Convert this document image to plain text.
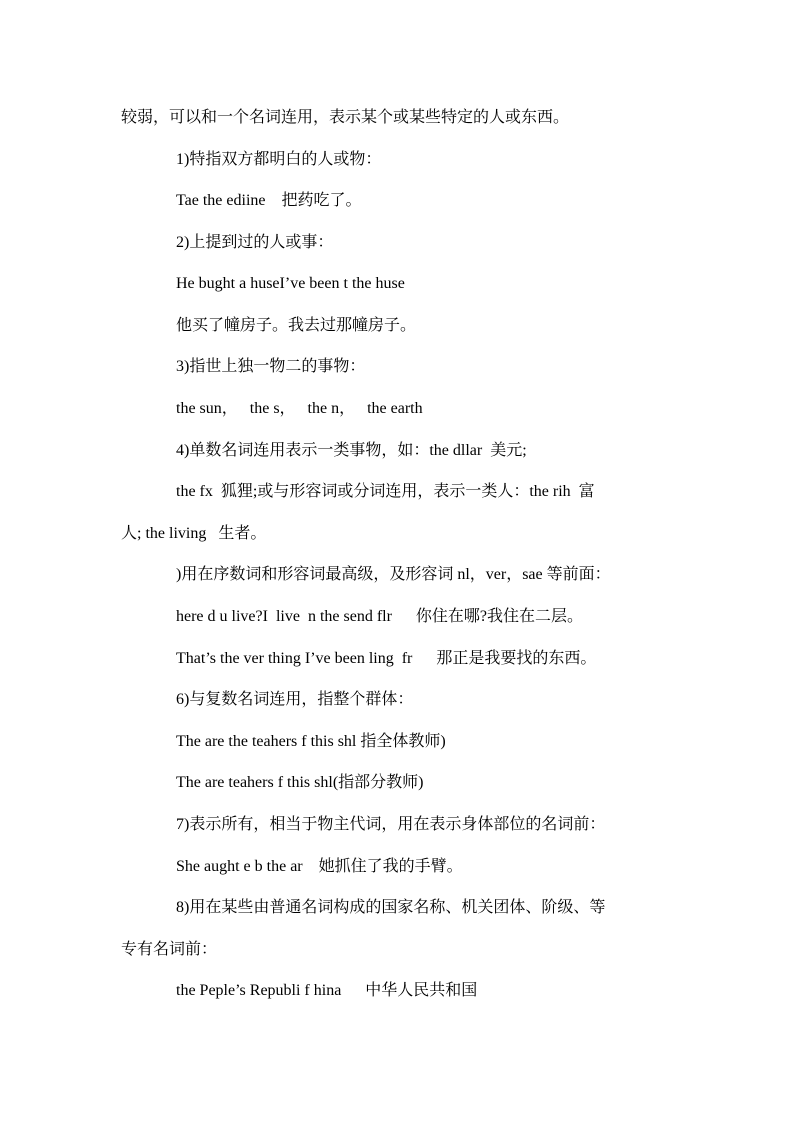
较弱，可以和一个名词连用，表示某个或某些特定的人或东西。
1)特指双方都明白的人或物：
Tae the ediine    把药吃了。
2)上提到过的人或事：
He bught a huseI’ve been t the huse
他买了幢房子。我去过那幢房子。
3)指世上独一物二的事物：
the sun，   the s，   the n，   the earth
4)单数名词连用表示一类事物，如：the dllar  美元;
the fx  狐狸;或与形容词或分词连用，表示一类人：the rih  富
人; the living   生者。
)用在序数词和形容词最高级，及形容词 nl，ver，sae 等前面：
here d u live?I  live  n the send flr      你住在哪?我住在二层。
That’s the ver thing I’ve been ling  fr      那正是我要找的东西。
6)与复数名词连用，指整个群体：
The are the teahers f this shl 指全体教师)
The are teahers f this shl(指部分教师)
7)表示所有，相当于物主代词，用在表示身体部位的名词前：
She aught e b the ar    她抓住了我的手臂。
8)用在某些由普通名词构成的国家名称、机关团体、阶级、等
专有名词前：
the Peple’s Republi f hina      中华人民共和国
